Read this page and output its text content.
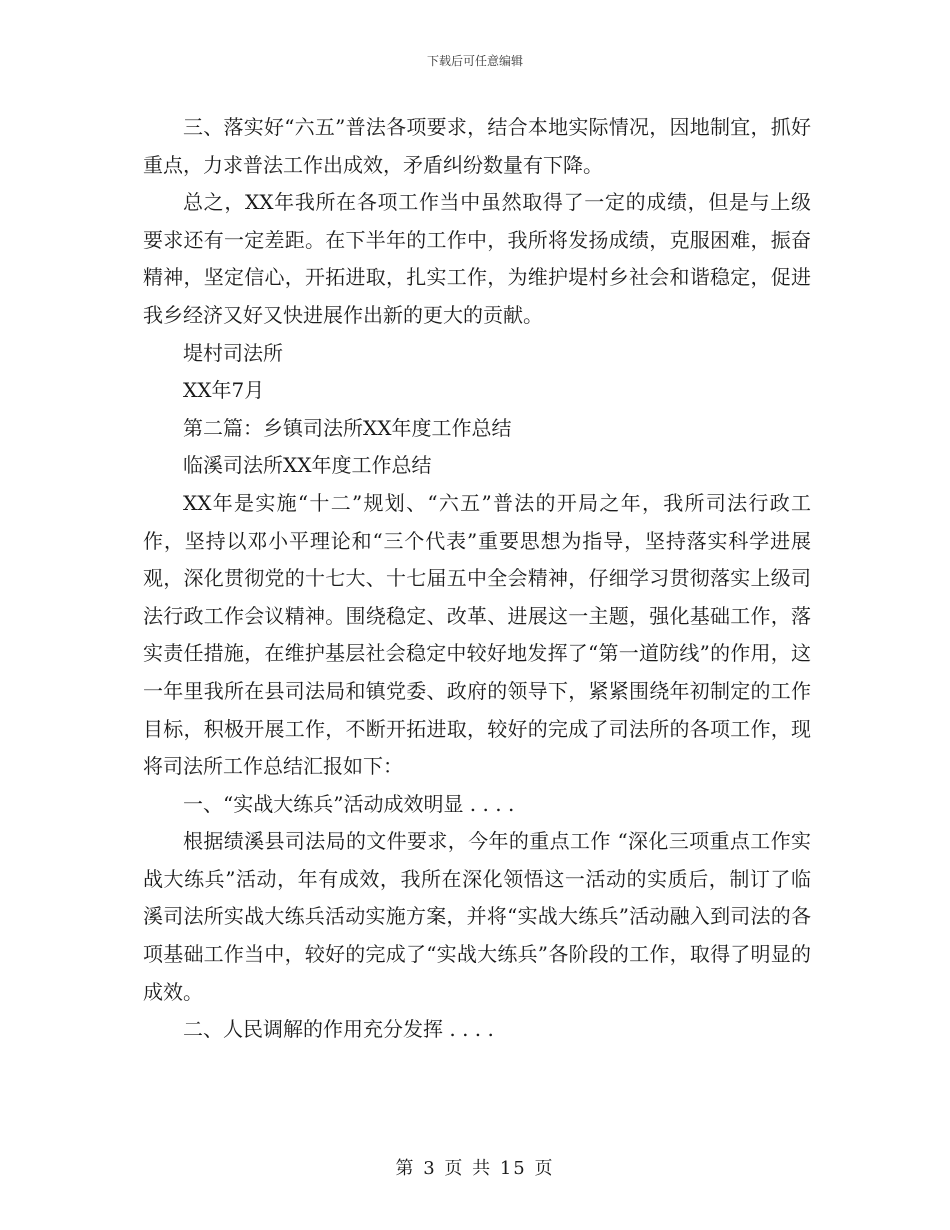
下载后可任意编辑

三、落实好“六五”普法各项要求，结合本地实际情况，因地制宜，抓好重点，力求普法工作出成效，矛盾纠纷数量有下降。

总之，XX年我所在各项工作当中虽然取得了一定的成绩，但是与上级要求还有一定差距。在下半年的工作中，我所将发扬成绩，克服困难，振奋精神，坚定信心，开拓进取，扎实工作，为维护堤村乡社会和谐稳定，促进我乡经济又好又快进展作出新的更大的贡献。

堤村司法所

XX年7月

第二篇：乡镇司法所XX年度工作总结

临溪司法所XX年度工作总结

XX年是实施“十二”规划、“六五”普法的开局之年，我所司法行政工作，坚持以邓小平理论和“三个代表”重要思想为指导，坚持落实科学进展观，深化贯彻党的十七大、十七届五中全会精神，仔细学习贯彻落实上级司法行政工作会议精神。围绕稳定、改革、进展这一主题，强化基础工作，落实责任措施，在维护基层社会稳定中较好地发挥了“第一道防线”的作用，这一年里我所在县司法局和镇党委、政府的领导下，紧紧围绕年初制定的工作目标，积极开展工作，不断开拓进取，较好的完成了司法所的各项工作，现将司法所工作总结汇报如下：

一、“实战大练兵”活动成效明显 . . . .

根据绩溪县司法局的文件要求，今年的重点工作 “深化三项重点工作实战大练兵”活动，年有成效，我所在深化领悟这一活动的实质后，制订了临溪司法所实战大练兵活动实施方案，并将“实战大练兵”活动融入到司法的各项基础工作当中，较好的完成了“实战大练兵”各阶段的工作，取得了明显的成效。

二、人民调解的作用充分发挥 . . . .

第 3 页 共 15 页
